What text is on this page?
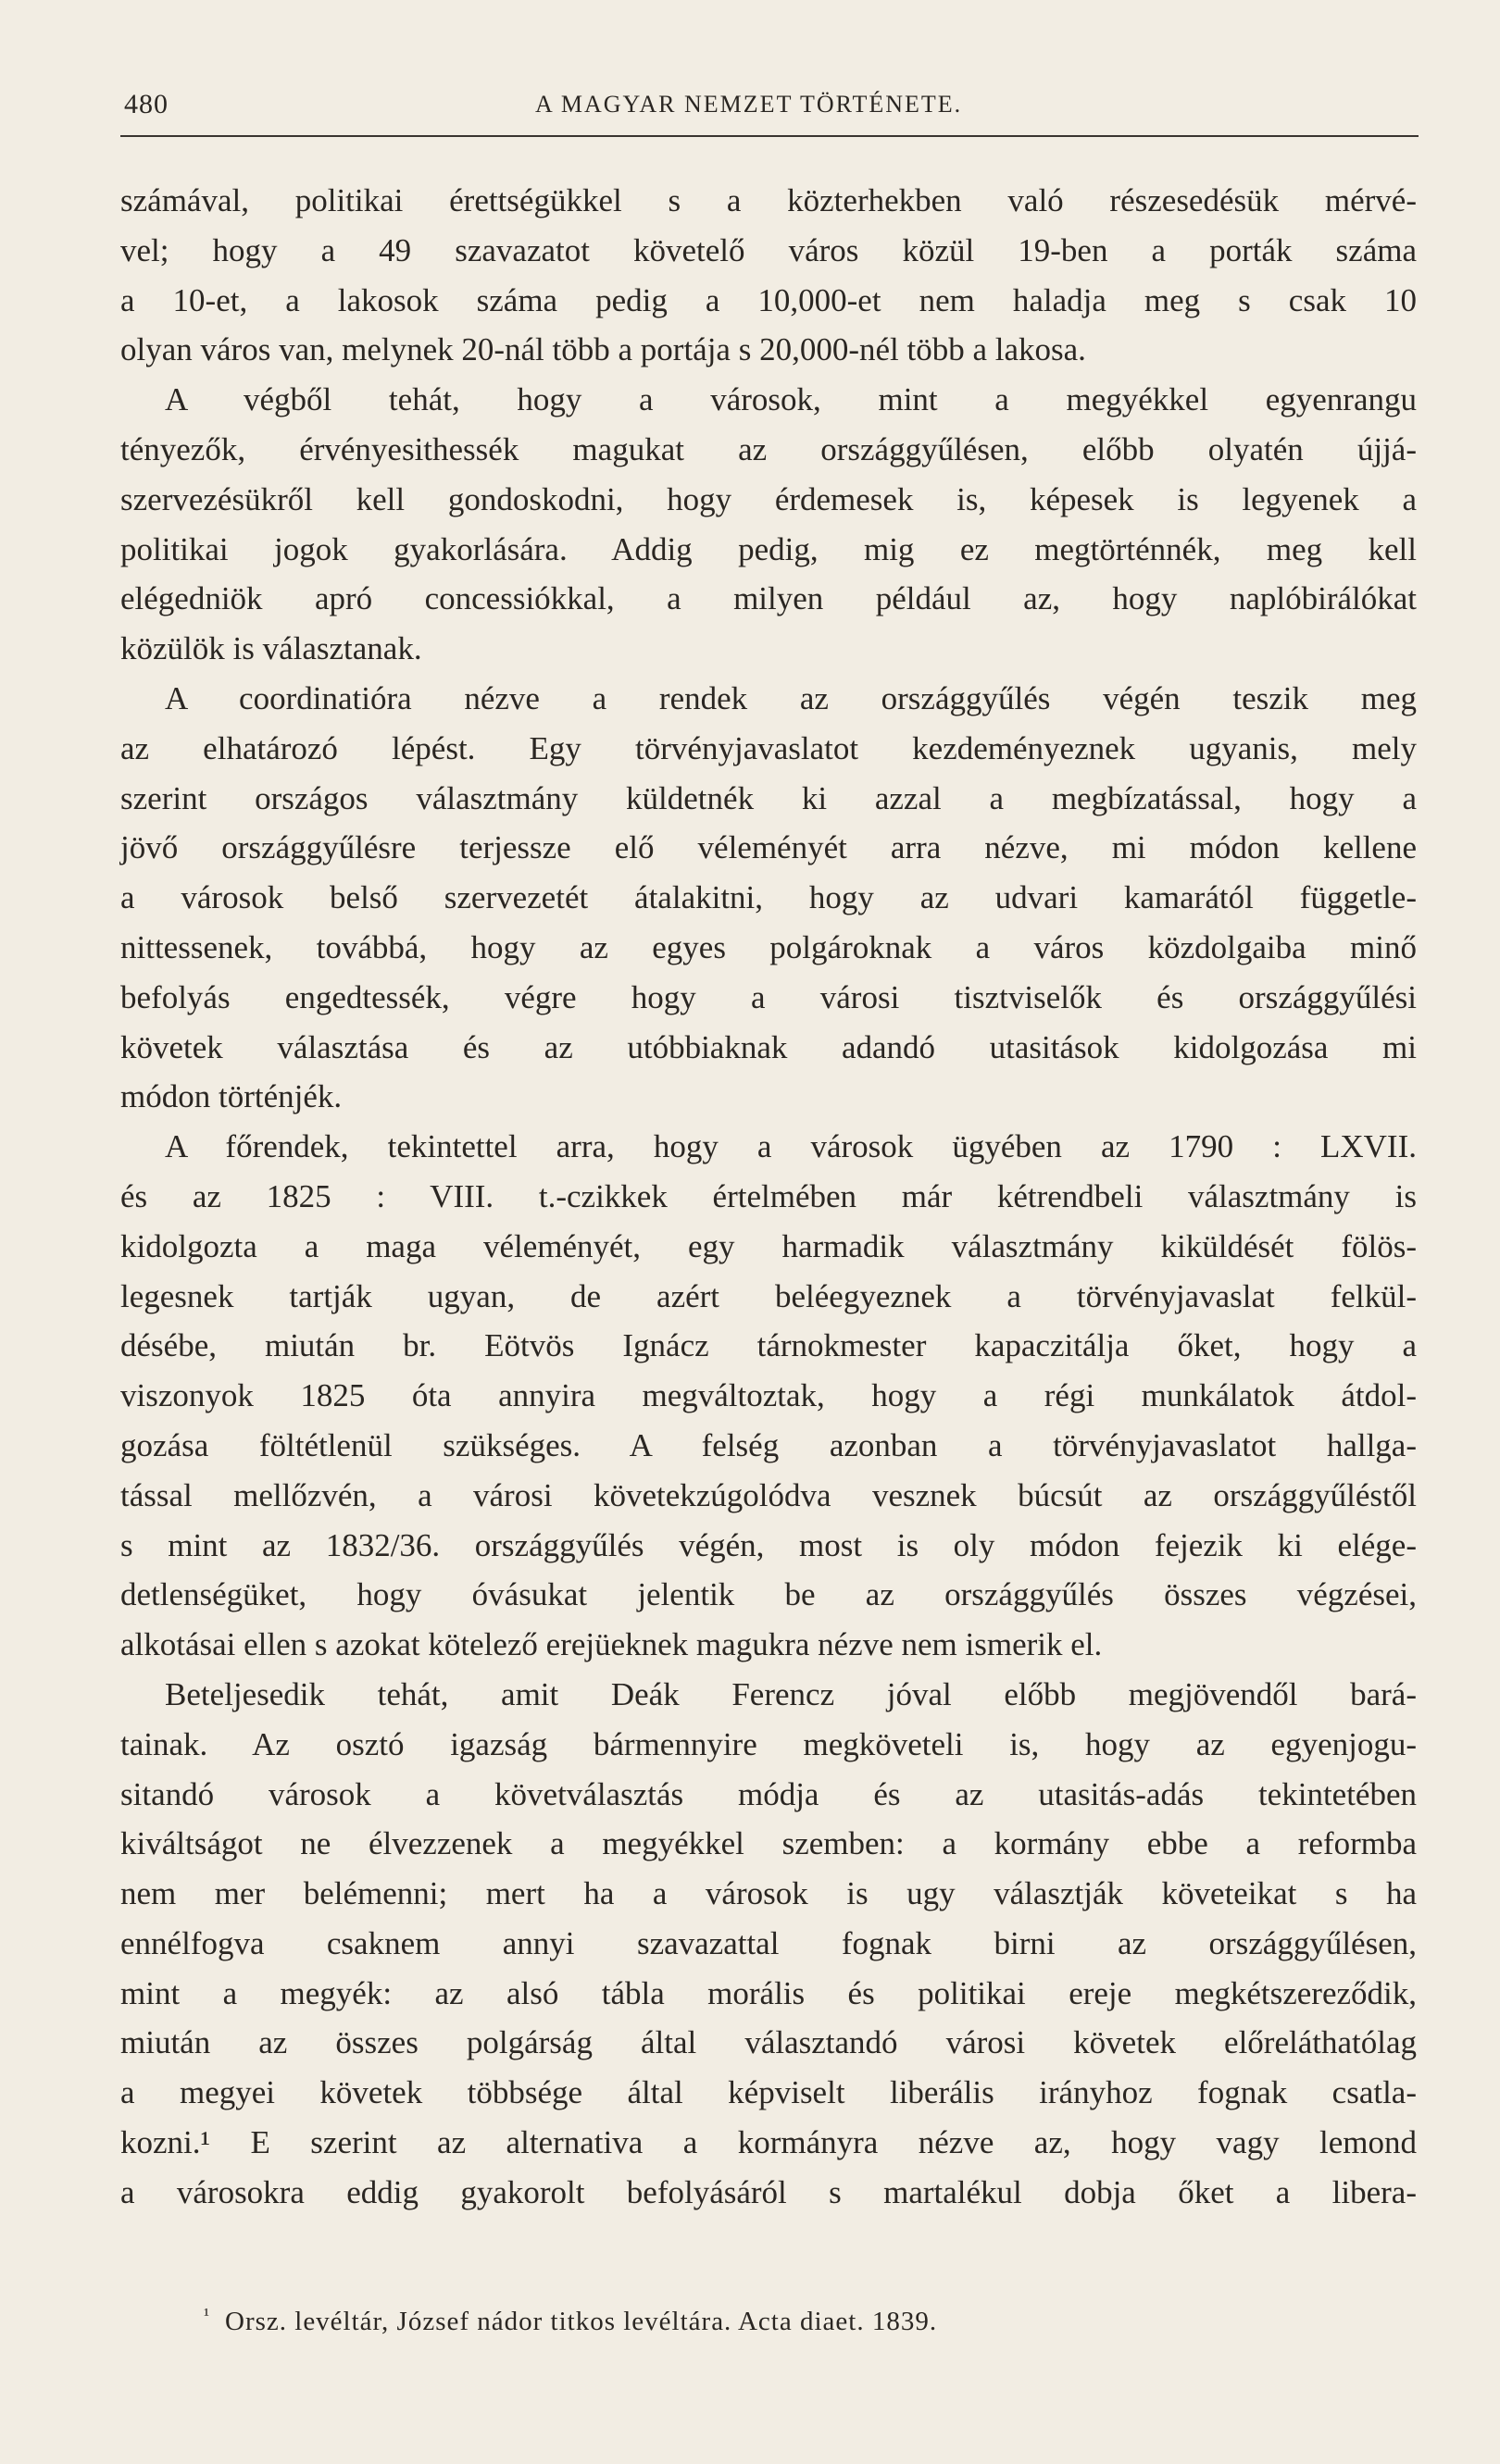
480	A MAGYAR NEMZET TÖRTÉNETE.
számával, politikai érettségükkel s a közterhekben való részesedésük mérvé-
vel; hogy a 49 szavazatot követelő város közül 19-ben a porták száma
a 10-et, a lakosok száma pedig a 10,000-et nem haladja meg s csak 10
olyan város van, melynek 20-nál több a portája s 20,000-nél több a lakosa.
A végből tehát, hogy a városok, mint a megyékkel egyenrangu
tényezők, érvényesithessék magukat az országgyűlésen, előbb olyatén újjá-
szervezésükről kell gondoskodni, hogy érdemesek is, képesek is legyenek a
politikai jogok gyakorlására. Addig pedig, mig ez megtörténnék, meg kell
elégedniök apró concessiókkal, a milyen például az, hogy naplóbirálókat
közülök is választanak.
A coordinatióra nézve a rendek az országgyűlés végén teszik meg
az elhatározó lépést. Egy törvényjavaslatot kezdeményeznek ugyanis, mely
szerint országos választmány küldetnék ki azzal a megbízatással, hogy a
jövő országgyűlésre terjessze elő véleményét arra nézve, mi módon kellene
a városok belső szervezetét átalakitni, hogy az udvari kamarától függetle-
nittessenek, továbbá, hogy az egyes polgároknak a város közdolgaiba minő
befolyás engedtessék, végre hogy a városi tisztviselők és országgyűlési
követek választása és az utóbbiaknak adandó utasitások kidolgozása mi
módon történjék.
A főrendek, tekintettel arra, hogy a városok ügyében az 1790 : LXVII.
és az 1825 : VIII. t.-czikkek értelmében már kétrendbeli választmány is
kidolgozta a maga véleményét, egy harmadik választmány kiküldését fölös-
legesnek tartják ugyan, de azért beléegyeznek a törvényjavaslat felkül-
désébe, miután br. Eötvös Ignácz tárnokmester kapaczitálja őket, hogy a
viszonyok 1825 óta annyira megváltoztak, hogy a régi munkálatok átdol-
gozása föltétlenül szükséges. A felség azonban a törvényjavaslatot hallga-
tással mellőzvén, a városi követekzúgolódva vesznek búcsút az országgyűléstől
s mint az 1832/36. országgyűlés végén, most is oly módon fejezik ki elége-
detlenségüket, hogy óvásukat jelentik be az országgyűlés összes végzései,
alkotásai ellen s azokat kötelező erejüeknek magukra nézve nem ismerik el.
Beteljesedik tehát, amit Deák Ferencz jóval előbb megjövendől bará-
tainak. Az osztó igazság bármennyire megköveteli is, hogy az egyenjogu-
sitandó városok a követválasztás módja és az utasitás-adás tekintetében
kiváltságot ne élvezzenek a megyékkel szemben: a kormány ebbe a reformba
nem mer belémenni; mert ha a városok is ugy választják követeikat s ha
ennélfogva csaknem annyi szavazattal fognak birni az országgyűlésen,
mint a megyék: az alsó tábla morális és politikai ereje megkétszereződik,
miután az összes polgárság által választandó városi követek előreláthatólag
a megyei követek többsége által képviselt liberális irányhoz fognak csatla-
kozni.¹ E szerint az alternativa a kormányra nézve az, hogy vagy lemond
a városokra eddig gyakorolt befolyásáról s martalékul dobja őket a libera-
$^{^1}$ Orsz. levéltár, József nádor titkos levéltára. Acta diaet. 1839.
